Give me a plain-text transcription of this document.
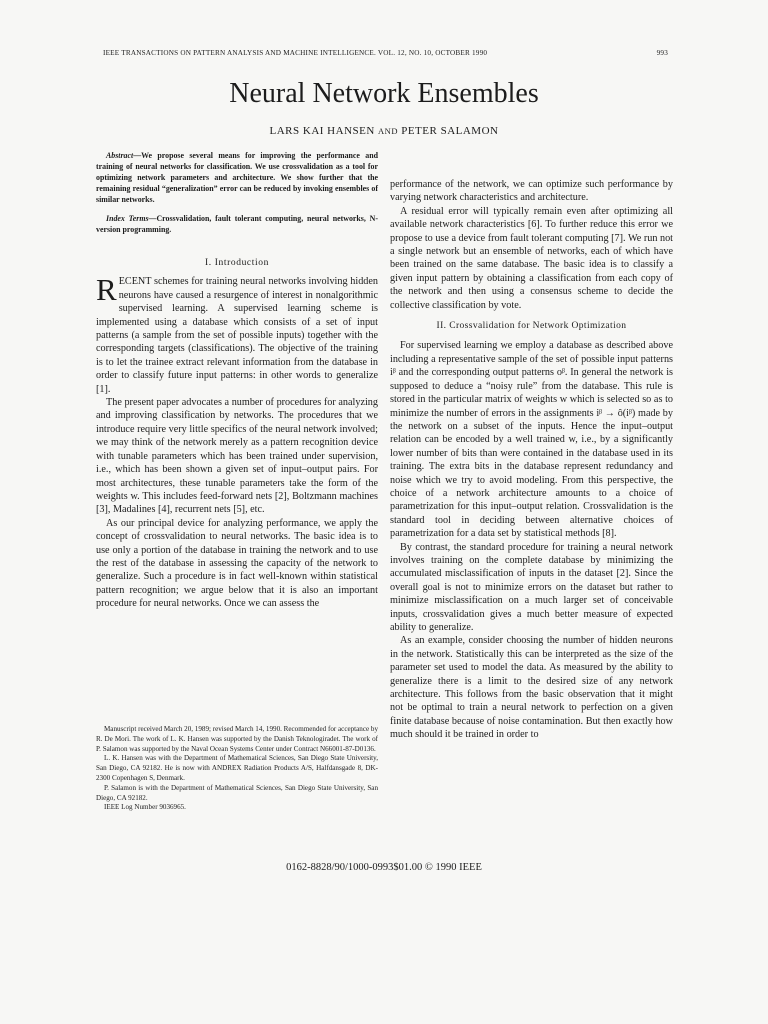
IEEE TRANSACTIONS ON PATTERN ANALYSIS AND MACHINE INTELLIGENCE. VOL. 12, NO. 10, OCTOBER 1990	993
Neural Network Ensembles
LARS KAI HANSEN AND PETER SALAMON

Abstract—We propose several means for improving the performance and training of neural networks for classification. We use crossvalidation as a tool for optimizing network parameters and architecture. We show further that the remaining residual “generalization” error can be reduced by invoking ensembles of similar networks.

Index Terms—Crossvalidation, fault tolerant computing, neural networks, N-version programming.

I. Introduction

RECENT schemes for training neural networks involving hidden neurons have caused a resurgence of interest in nonalgorithmic supervised learning. A supervised learning scheme is implemented using a database which consists of a set of input patterns (a sample from the set of possible inputs) together with the corresponding targets (classifications). The objective of the training is to let the trainee extract relevant information from the database in order to classify future input patterns: in other words to generalize [1].

The present paper advocates a number of procedures for analyzing and improving classification by networks. The procedures that we introduce require very little specifics of the neural network involved; we may think of the network merely as a pattern recognition device with tunable parameters which has been trained under supervision, i.e., which has been shown a given set of input–output pairs. For most architectures, these tunable parameters take the form of the weights w. This includes feed-forward nets [2], Boltzmann machines [3], Madalines [4], recurrent nets [5], etc.

As our principal device for analyzing performance, we apply the concept of crossvalidation to neural networks. The basic idea is to use only a portion of the database in training the network and to use the rest of the database in assessing the capacity of the network to generalize. Such a procedure is in fact well-known within statistical pattern recognition; we argue below that it is also an important procedure for neural networks. Once we can assess the

Manuscript received March 20, 1989; revised March 14, 1990. Recommended for acceptance by R. De Mori. The work of L. K. Hansen was supported by the Danish Teknologiradet. The work of P. Salamon was supported by the Naval Ocean Systems Center under Contract N66001-87-D0136.

L. K. Hansen was with the Department of Mathematical Sciences, San Diego State University, San Diego, CA 92182. He is now with ANDREX Radiation Products A/S, Halfdansgade 8, DK-2300 Copenhagen S, Denmark.

P. Salamon is with the Department of Mathematical Sciences, San Diego State University, San Diego, CA 92182.

IEEE Log Number 9036965.

performance of the network, we can optimize such performance by varying network characteristics and architecture.

A residual error will typically remain even after optimizing all available network characteristics [6]. To further reduce this error we propose to use a device from fault tolerant computing [7]. We run not a single network but an ensemble of networks, each of which have been trained on the same database. The basic idea is to classify a given input pattern by obtaining a classification from each copy of the network and then using a consensus scheme to decide the collective classification by vote.

II. Crossvalidation for Network Optimization

For supervised learning we employ a database as described above including a representative sample of the set of possible input patterns iᵝ and the corresponding output patterns oᵝ. In general the network is supposed to deduce a “noisy rule” from the database. This rule is stored in the particular matrix of weights w which is selected so as to minimize the number of errors in the assignments iᵝ → ô(iᵝ) made by the network on a subset of the inputs. Hence the input–output relation can be encoded by a well trained w, i.e., by a significantly lower number of bits than were contained in the database used in its training. The extra bits in the database represent redundancy and noise which we try to avoid modeling. From this perspective, the choice of a network architecture amounts to a choice of parametrization for this input–output relation. Crossvalidation is the standard tool in deciding between alternative choices of parametrization for a data set by statistical methods [8].

By contrast, the standard procedure for training a neural network involves training on the complete database by minimizing the accumulated misclassification of inputs in the dataset [2]. Since the overall goal is not to minimize errors on the dataset but rather to minimize misclassification on a much larger set of conceivable inputs, crossvalidation gives a much better measure of expected ability to generalize.

As an example, consider choosing the number of hidden neurons in the network. Statistically this can be interpreted as the size of the parameter set used to model the data. As measured by the ability to generalize there is a limit to the desired size of any network architecture. This follows from the basic observation that it might not be optimal to train a neural network to perfection on a given finite database because of noise contamination. But then exactly how much should it be trained in order to

0162-8828/90/1000-0993$01.00 © 1990 IEEE
